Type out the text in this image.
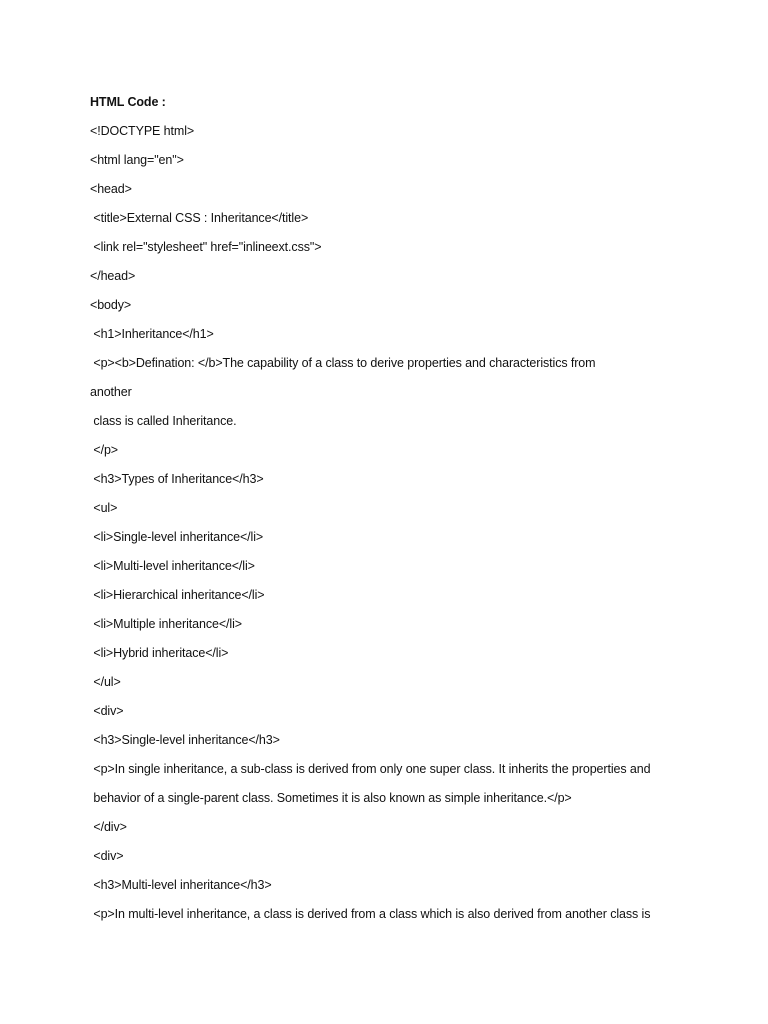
HTML Code :
<!DOCTYPE html>
<html lang="en">
<head>
<title>External CSS : Inheritance</title>
<link rel="stylesheet" href="inlineext.css">
</head>
<body>
<h1>Inheritance</h1>
<p><b>Defination: </b>The capability of a class to derive properties and characteristics from
another
class is called Inheritance.
</p>
<h3>Types of Inheritance</h3>
<ul>
<li>Single-level inheritance</li>
<li>Multi-level inheritance</li>
<li>Hierarchical inheritance</li>
<li>Multiple inheritance</li>
<li>Hybrid inheritace</li>
</ul>
<div>
<h3>Single-level inheritance</h3>
<p>In single inheritance, a sub-class is derived from only one super class. It inherits the properties and
behavior of a single-parent class. Sometimes it is also known as simple inheritance.</p>
</div>
<div>
<h3>Multi-level inheritance</h3>
<p>In multi-level inheritance, a class is derived from a class which is also derived from another class is
